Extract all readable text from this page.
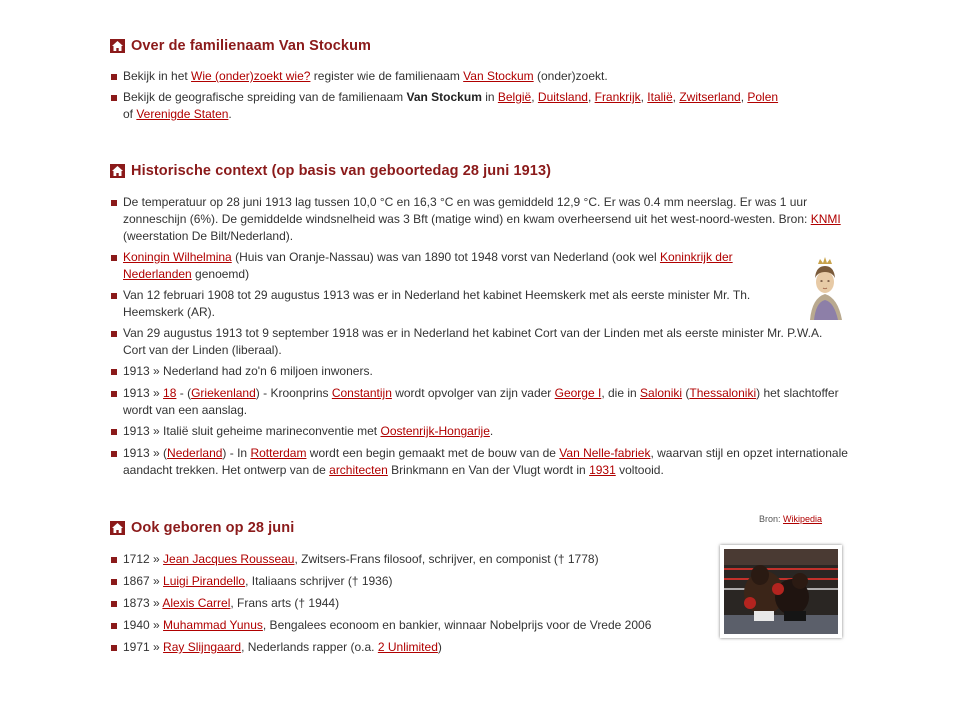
Over de familienaam Van Stockum
Bekijk in het Wie (onder)zoekt wie? register wie de familienaam Van Stockum (onder)zoekt.
Bekijk de geografische spreiding van de familienaam Van Stockum in België, Duitsland, Frankrijk, Italië, Zwitserland, Polen
of Verenigde Staten.
Historische context (op basis van geboortedag 28 juni 1913)
De temperatuur op 28 juni 1913 lag tussen 10,0 °C en 16,3 °C en was gemiddeld 12,9 °C. Er was 0.4 mm neerslag. Er was 1 uur zonneschijn (6%). De gemiddelde windsnelheid was 3 Bft (matige wind) en kwam overheersend uit het west-noord-westen. Bron: KNMI (weerstation De Bilt/Nederland).
Koningin Wilhelmina (Huis van Oranje-Nassau) was van 1890 tot 1948 vorst van Nederland (ook wel Koninkrijk der Nederlanden genoemd)
Van 12 februari 1908 tot 29 augustus 1913 was er in Nederland het kabinet Heemskerk met als eerste minister Mr. Th. Heemskerk (AR).
Van 29 augustus 1913 tot 9 september 1918 was er in Nederland het kabinet Cort van der Linden met als eerste minister Mr. P.W.A. Cort van der Linden (liberaal).
1913 » Nederland had zo'n 6 miljoen inwoners.
1913 » 18 - (Griekenland) - Kroonprins Constantijn wordt opvolger van zijn vader George I, die in Saloniki (Thessaloniki) het slachtoffer wordt van een aanslag.
1913 » Italië sluit geheime marineconventie met Oostenrijk-Hongarije.
1913 » (Nederland) - In Rotterdam wordt een begin gemaakt met de bouw van de Van Nelle-fabriek, waarvan stijl en opzet internationale aandacht trekken. Het ontwerp van de architecten Brinkmann en Van der Vlugt wordt in 1931 voltooid.
Ook geboren op 28 juni
1712 » Jean Jacques Rousseau, Zwitsers-Frans filosoof, schrijver, en componist († 1778)
1867 » Luigi Pirandello, Italiaans schrijver († 1936)
1873 » Alexis Carrel, Frans arts († 1944)
1940 » Muhammad Yunus, Bengalees econoom en bankier, winnaar Nobelprijs voor de Vrede 2006
1971 » Ray Slijngaard, Nederlands rapper (o.a. 2 Unlimited)
Bron: Wikipedia
